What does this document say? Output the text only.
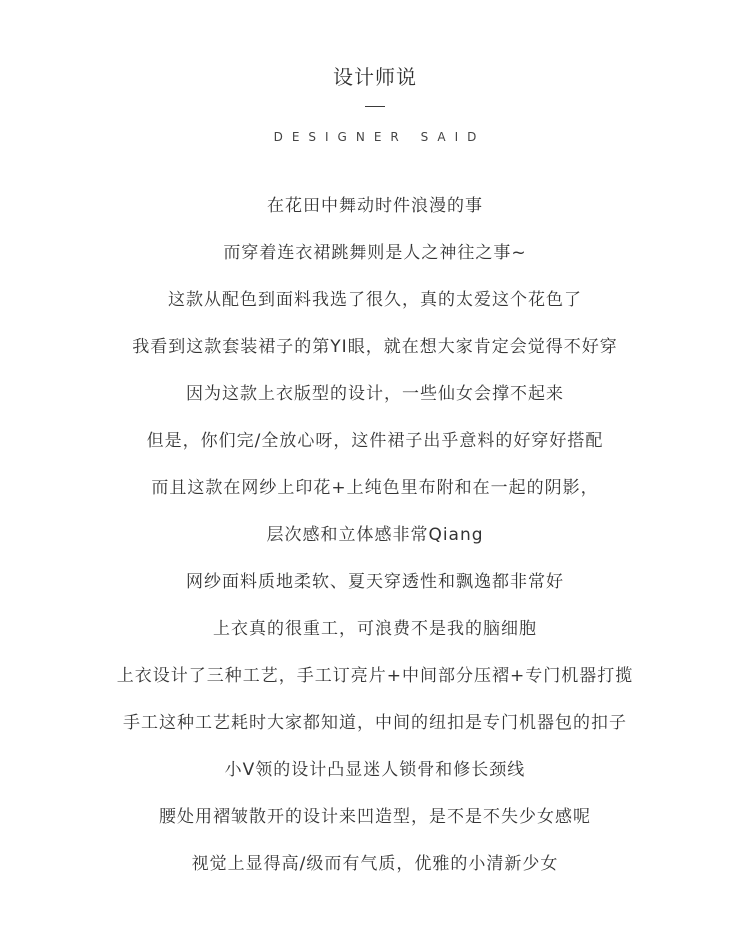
设计师说
DESIGNER SAID
在花田中舞动时件浪漫的事
而穿着连衣裙跳舞则是人之神往之事~
这款从配色到面料我选了很久，真的太爱这个花色了
我看到这款套装裙子的第YI眼，就在想大家肯定会觉得不好穿
因为这款上衣版型的设计，一些仙女会撑不起来
但是，你们完/全放心呀，这件裙子出乎意料的好穿好搭配
而且这款在网纱上印花+上纯色里布附和在一起的阴影，
层次感和立体感非常Qiang
网纱面料质地柔软、夏天穿透性和飘逸都非常好
上衣真的很重工，可浪费不是我的脑细胞
上衣设计了三种工艺，手工订亮片+中间部分压褶+专门机器打揽
手工这种工艺耗时大家都知道，中间的纽扣是专门机器包的扣子
小V领的设计凸显迷人锁骨和修长颈线
腰处用褶皱散开的设计来凹造型，是不是不失少女感呢
视觉上显得高/级而有气质，优雅的小清新少女
